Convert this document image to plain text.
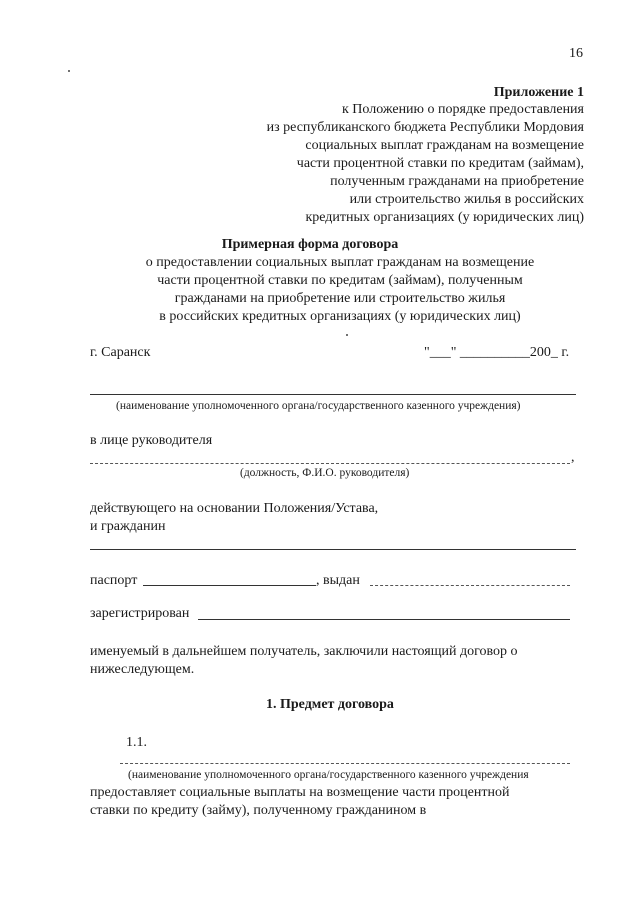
16
Приложение 1
к Положению о порядке предоставления
из республиканского бюджета Республики Мордовия
социальных выплат гражданам на возмещение
части процентной ставки по кредитам (займам),
полученным гражданами на приобретение
или строительство жилья в российских
кредитных организациях (у юридических лиц)
Примерная форма договора
о предоставлении социальных выплат гражданам на возмещение
части процентной ставки по кредитам (займам), полученным
гражданами на приобретение или строительство жилья
в российских кредитных организациях (у юридических лиц)
г. Саранск	"___" __________200_ г.
(наименование уполномоченного органа/государственного казенного учреждения)
в лице руководителя
,
(должность, Ф.И.О. руководителя)
действующего на основании Положения/Устава,
и гражданин
паспорт	, выдан
зарегистрирован
именуемый в дальнейшем получатель, заключили настоящий договор о
нижеследующем.
1. Предмет договора
1.1.
(наименование уполномоченного органа/государственного казенного учреждения
предоставляет социальные выплаты на возмещение части процентной
ставки по кредиту (займу), полученному гражданином в
